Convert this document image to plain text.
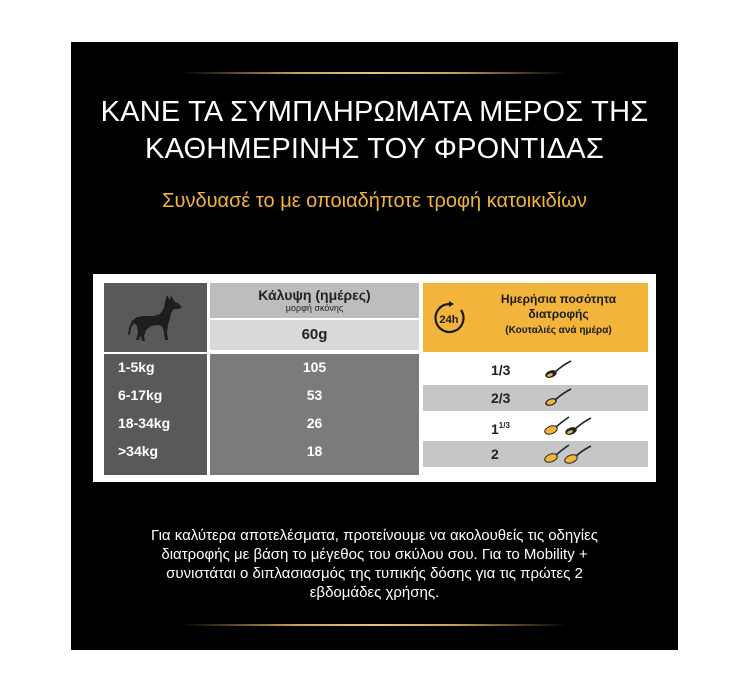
ΚΑΝΕ ΤΑ ΣΥΜΠΛΗΡΩΜΑΤΑ ΜΕΡΟΣ ΤΗΣ
ΚΑΘΗΜΕΡΙΝΗΣ ΤΟΥ ΦΡΟΝΤΙΔΑΣ
Συνδυασέ το με οποιαδήποτε τροφή κατοικιδίων
1-5kg
6-17kg
18-34kg
>34kg
Κάλυψη (ημέρες)
μορφή σκόνης
60g
105
53
26
18
24h
Ημερήσια ποσότητα
διατροφής
(Κουταλιές ανά ημέρα)
1/3
2/3
$1^{1/3}$
2
Για καλύτερα αποτελέσματα, προτείνουμε να ακολουθείς τις οδηγίες
διατροφής με βάση το μέγεθος του σκύλου σου. Για το Mobility +
συνιστάται ο διπλασιασμός της τυπικής δόσης για τις πρώτες 2
εβδομάδες χρήσης.
